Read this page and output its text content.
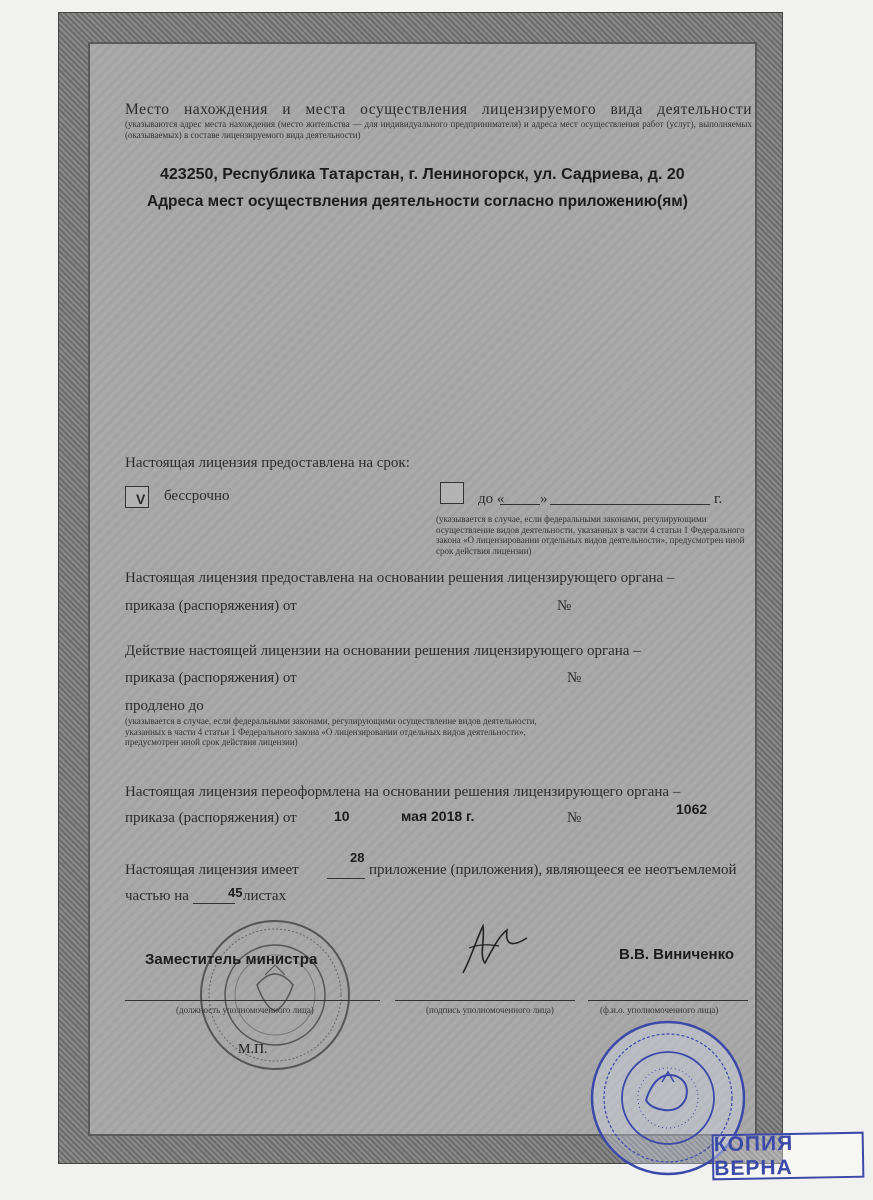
Место нахождения и места осуществления лицензируемого вида деятельности
(указываются адрес места нахождения (место жительства — для индивидуального предпринимателя) и адреса мест осуществления работ (услуг), выполняемых (оказываемых) в составе лицензируемого вида деятельности)
423250, Республика Татарстан, г. Лениногорск, ул. Садриева, д. 20
Адреса мест осуществления деятельности согласно приложению(ям)
Настоящая лицензия предоставлена на срок:
V бессрочно	до « »	г.
(указывается в случае, если федеральными законами, регулирующими осуществление видов деятельности, указанных в части 4 статьи 1 Федерального закона «О лицензировании отдельных видов деятельности», предусмотрен иной срок действия лицензии)
Настоящая лицензия предоставлена на основании решения лицензирующего органа –
приказа (распоряжения) от	№
Действие настоящей лицензии на основании решения лицензирующего органа –
приказа (распоряжения) от	№
продлено до
(указывается в случае, если федеральными законами, регулирующими осуществление видов деятельности, указанных в части 4 статьи 1 Федерального закона «О лицензировании отдельных видов деятельности», предусмотрен иной срок действия лицензии)
Настоящая лицензия переоформлена на основании решения лицензирующего органа –
приказа (распоряжения) от	10	мая 2018 г.	№
1062
Настоящая лицензия имеет
28
приложение (приложения), являющееся ее неотъемлемой
частью на	45 листах
М.П.
Заместитель министра	В.В. Виниченко
(должность уполномоченного лица)	(подпись уполномоченного лица)	(ф.и.о. уполномоченного лица)
КОПИЯ ВЕРНА
